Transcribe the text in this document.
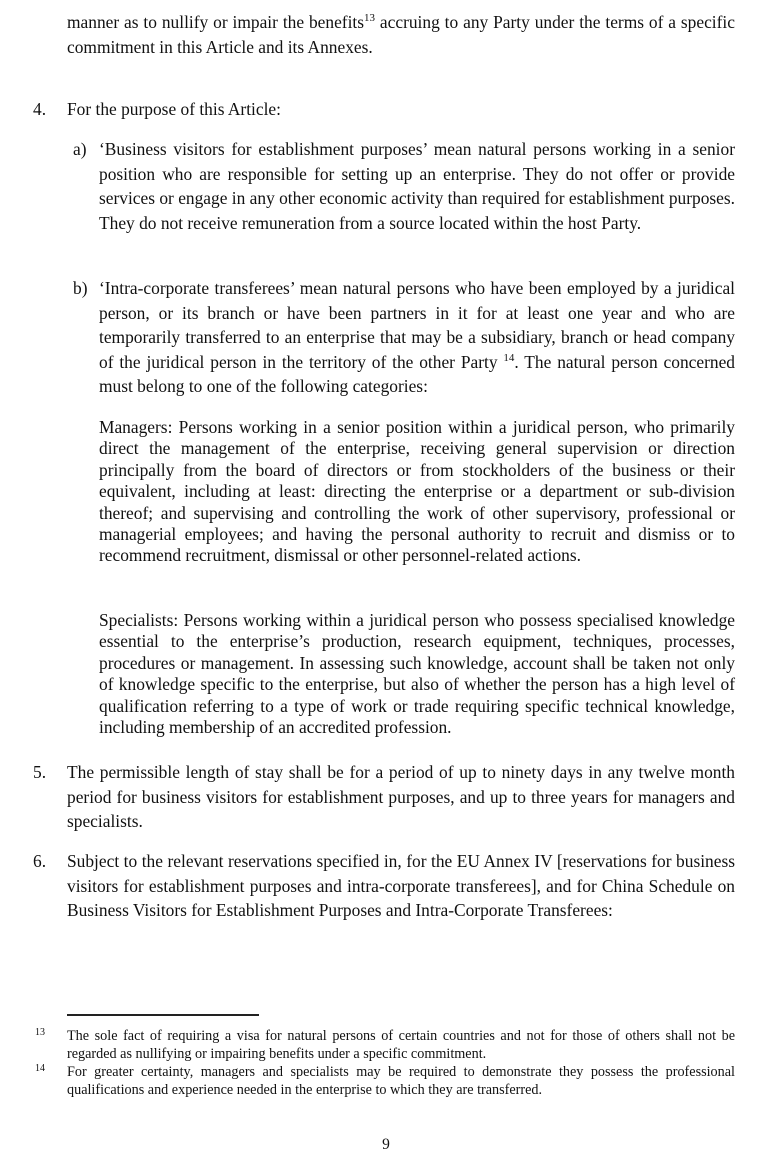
manner as to nullify or impair the benefits$^{13}$ accruing to any Party under the terms of a specific commitment in this Article and its Annexes.
4. For the purpose of this Article:
a) ‘Business visitors for establishment purposes’ mean natural persons working in a senior position who are responsible for setting up an enterprise. They do not offer or provide services or engage in any other economic activity than required for establishment purposes. They do not receive remuneration from a source located within the host Party.
b) ‘Intra-corporate transferees’ mean natural persons who have been employed by a juridical person, or its branch or have been partners in it for at least one year and who are temporarily transferred to an enterprise that may be a subsidiary, branch or head company of the juridical person in the territory of the other Party $^{14}$. The natural person concerned must belong to one of the following categories:
Managers: Persons working in a senior position within a juridical person, who primarily direct the management of the enterprise, receiving general supervision or direction principally from the board of directors or from stockholders of the business or their equivalent, including at least: directing the enterprise or a department or sub-division thereof; and supervising and controlling the work of other supervisory, professional or managerial employees; and having the personal authority to recruit and dismiss or to recommend recruitment, dismissal or other personnel-related actions.
Specialists: Persons working within a juridical person who possess specialised knowledge essential to the enterprise’s production, research equipment, techniques, processes, procedures or management. In assessing such knowledge, account shall be taken not only of knowledge specific to the enterprise, but also of whether the person has a high level of qualification referring to a type of work or trade requiring specific technical knowledge, including membership of an accredited profession.
5. The permissible length of stay shall be for a period of up to ninety days in any twelve month period for business visitors for establishment purposes, and up to three years for managers and specialists.
6. Subject to the relevant reservations specified in, for the EU Annex IV [reservations for business visitors for establishment purposes and intra-corporate transferees], and for China Schedule on Business Visitors for Establishment Purposes and Intra-Corporate Transferees:
13 The sole fact of requiring a visa for natural persons of certain countries and not for those of others shall not be regarded as nullifying or impairing benefits under a specific commitment.
14 For greater certainty, managers and specialists may be required to demonstrate they possess the professional qualifications and experience needed in the enterprise to which they are transferred.
9
